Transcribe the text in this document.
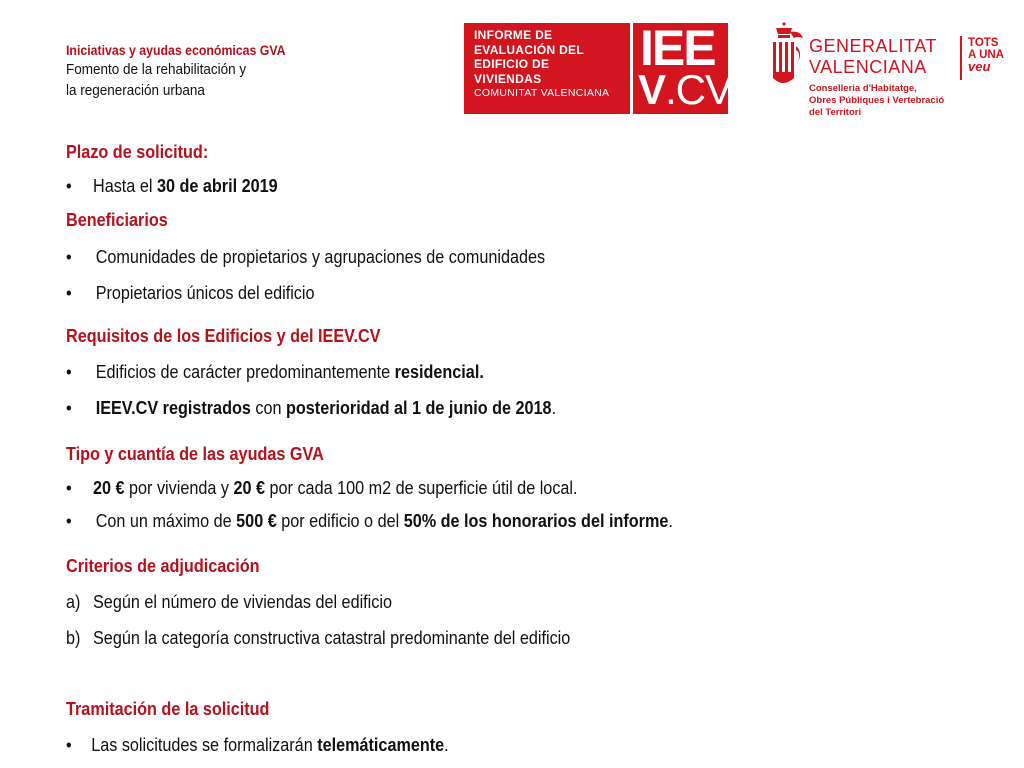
Iniciativas y ayudas económicas GVA
Fomento de la rehabilitación y
la regeneración urbana
INFORME DE
EVALUACIÓN DEL
EDIFICIO DE
VIVIENDAS
COMUNITAT VALENCIANA
IEE
V.CV
GENERALITAT
VALENCIANA
TOTS
A UNA
veu
Conselleria d'Habitatge,
Obres Públiques i Vertebració
del Territori
Plazo de solicitud:
• Hasta el 30 de abril 2019
Beneficiarios
• Comunidades de propietarios y agrupaciones de comunidades
• Propietarios únicos del edificio
Requisitos de los Edificios y del IEEV.CV
• Edificios de carácter predominantemente residencial.
• IEEV.CV registrados con posterioridad al 1 de junio de 2018.
Tipo y cuantía de las ayudas GVA
• 20 € por vivienda y 20 € por cada 100 m2 de superficie útil de local.
• Con un máximo de 500 € por edificio o del 50% de los honorarios del informe.
Criterios de adjudicación
a) Según el número de viviendas del edificio
b) Según la categoría constructiva catastral predominante del edificio
Tramitación de la solicitud
• Las solicitudes se formalizarán telemáticamente.
